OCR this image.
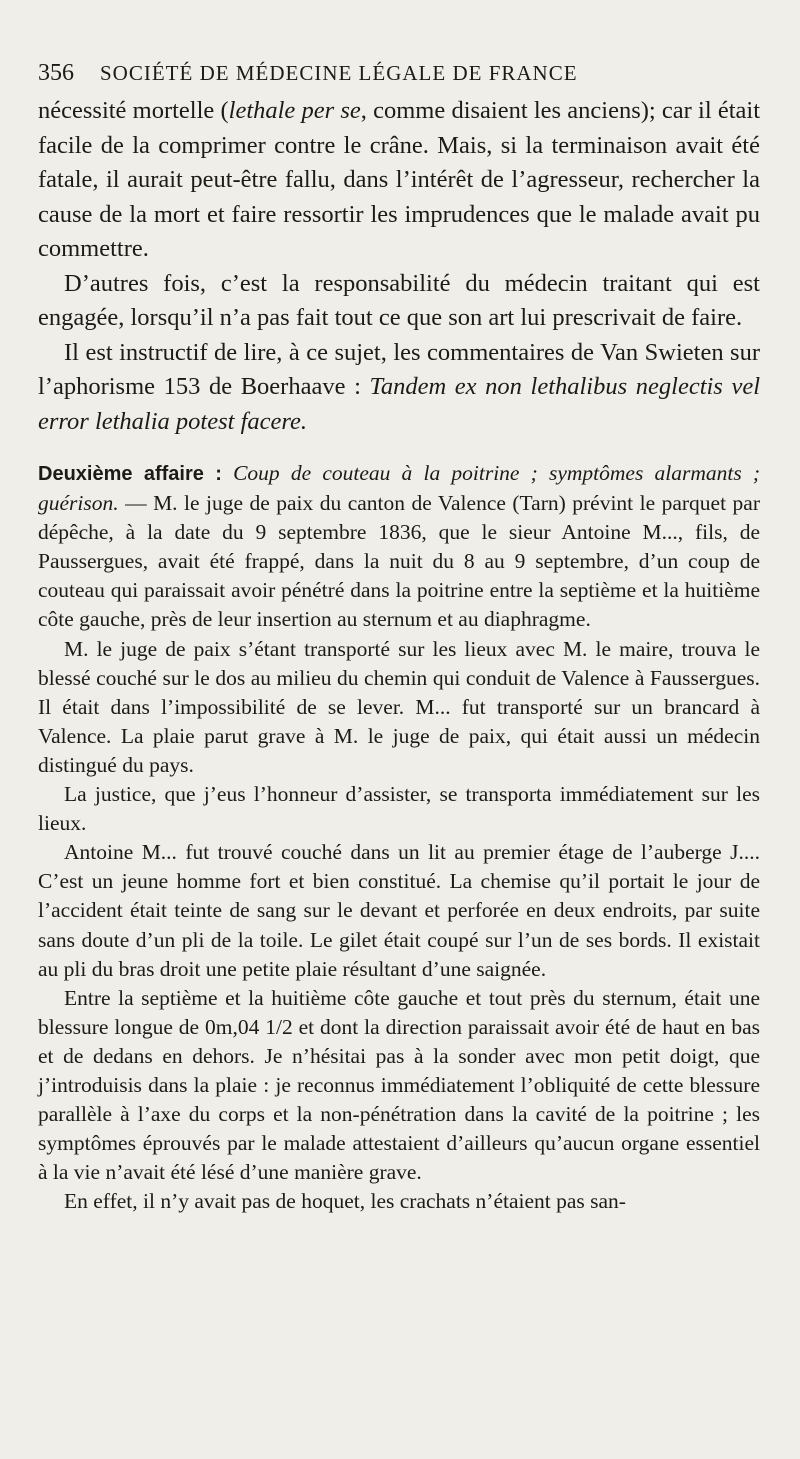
356 SOCIÉTÉ DE MÉDECINE LÉGALE DE FRANCE

nécessité mortelle (lethale per se, comme disaient les anciens); car il était facile de la comprimer contre le crâne. Mais, si la terminaison avait été fatale, il aurait peut-être fallu, dans l’intérêt de l’agresseur, rechercher la cause de la mort et faire ressortir les imprudences que le malade avait pu commettre.

D’autres fois, c’est la responsabilité du médecin traitant qui est engagée, lorsqu’il n’a pas fait tout ce que son art lui prescrivait de faire.

Il est instructif de lire, à ce sujet, les commentaires de Van Swieten sur l’aphorisme 153 de Boerhaave : Tandem ex non lethalibus neglectis vel error lethalia potest facere.

Deuxième affaire : Coup de couteau à la poitrine ; symptômes alarmants ; guérison. — M. le juge de paix du canton de Valence (Tarn) prévint le parquet par dépêche, à la date du 9 septembre 1836, que le sieur Antoine M..., fils, de Paussergues, avait été frappé, dans la nuit du 8 au 9 septembre, d’un coup de couteau qui paraissait avoir pénétré dans la poitrine entre la septième et la huitième côte gauche, près de leur insertion au sternum et au diaphragme.

M. le juge de paix s’étant transporté sur les lieux avec M. le maire, trouva le blessé couché sur le dos au milieu du chemin qui conduit de Valence à Faussergues. Il était dans l’impossibilité de se lever. M... fut transporté sur un brancard à Valence. La plaie parut grave à M. le juge de paix, qui était aussi un médecin distingué du pays.

La justice, que j’eus l’honneur d’assister, se transporta immédiatement sur les lieux.

Antoine M... fut trouvé couché dans un lit au premier étage de l’auberge J.... C’est un jeune homme fort et bien constitué. La chemise qu’il portait le jour de l’accident était teinte de sang sur le devant et perforée en deux endroits, par suite sans doute d’un pli de la toile. Le gilet était coupé sur l’un de ses bords. Il existait au pli du bras droit une petite plaie résultant d’une saignée.

Entre la septième et la huitième côte gauche et tout près du sternum, était une blessure longue de 0m,04 1/2 et dont la direction paraissait avoir été de haut en bas et de dedans en dehors. Je n’hésitai pas à la sonder avec mon petit doigt, que j’introduisis dans la plaie : je reconnus immédiatement l’obliquité de cette blessure parallèle à l’axe du corps et la non-pénétration dans la cavité de la poitrine ; les symptômes éprouvés par le malade attestaient d’ailleurs qu’aucun organe essentiel à la vie n’avait été lésé d’une manière grave.

En effet, il n’y avait pas de hoquet, les crachats n’étaient pas san-
